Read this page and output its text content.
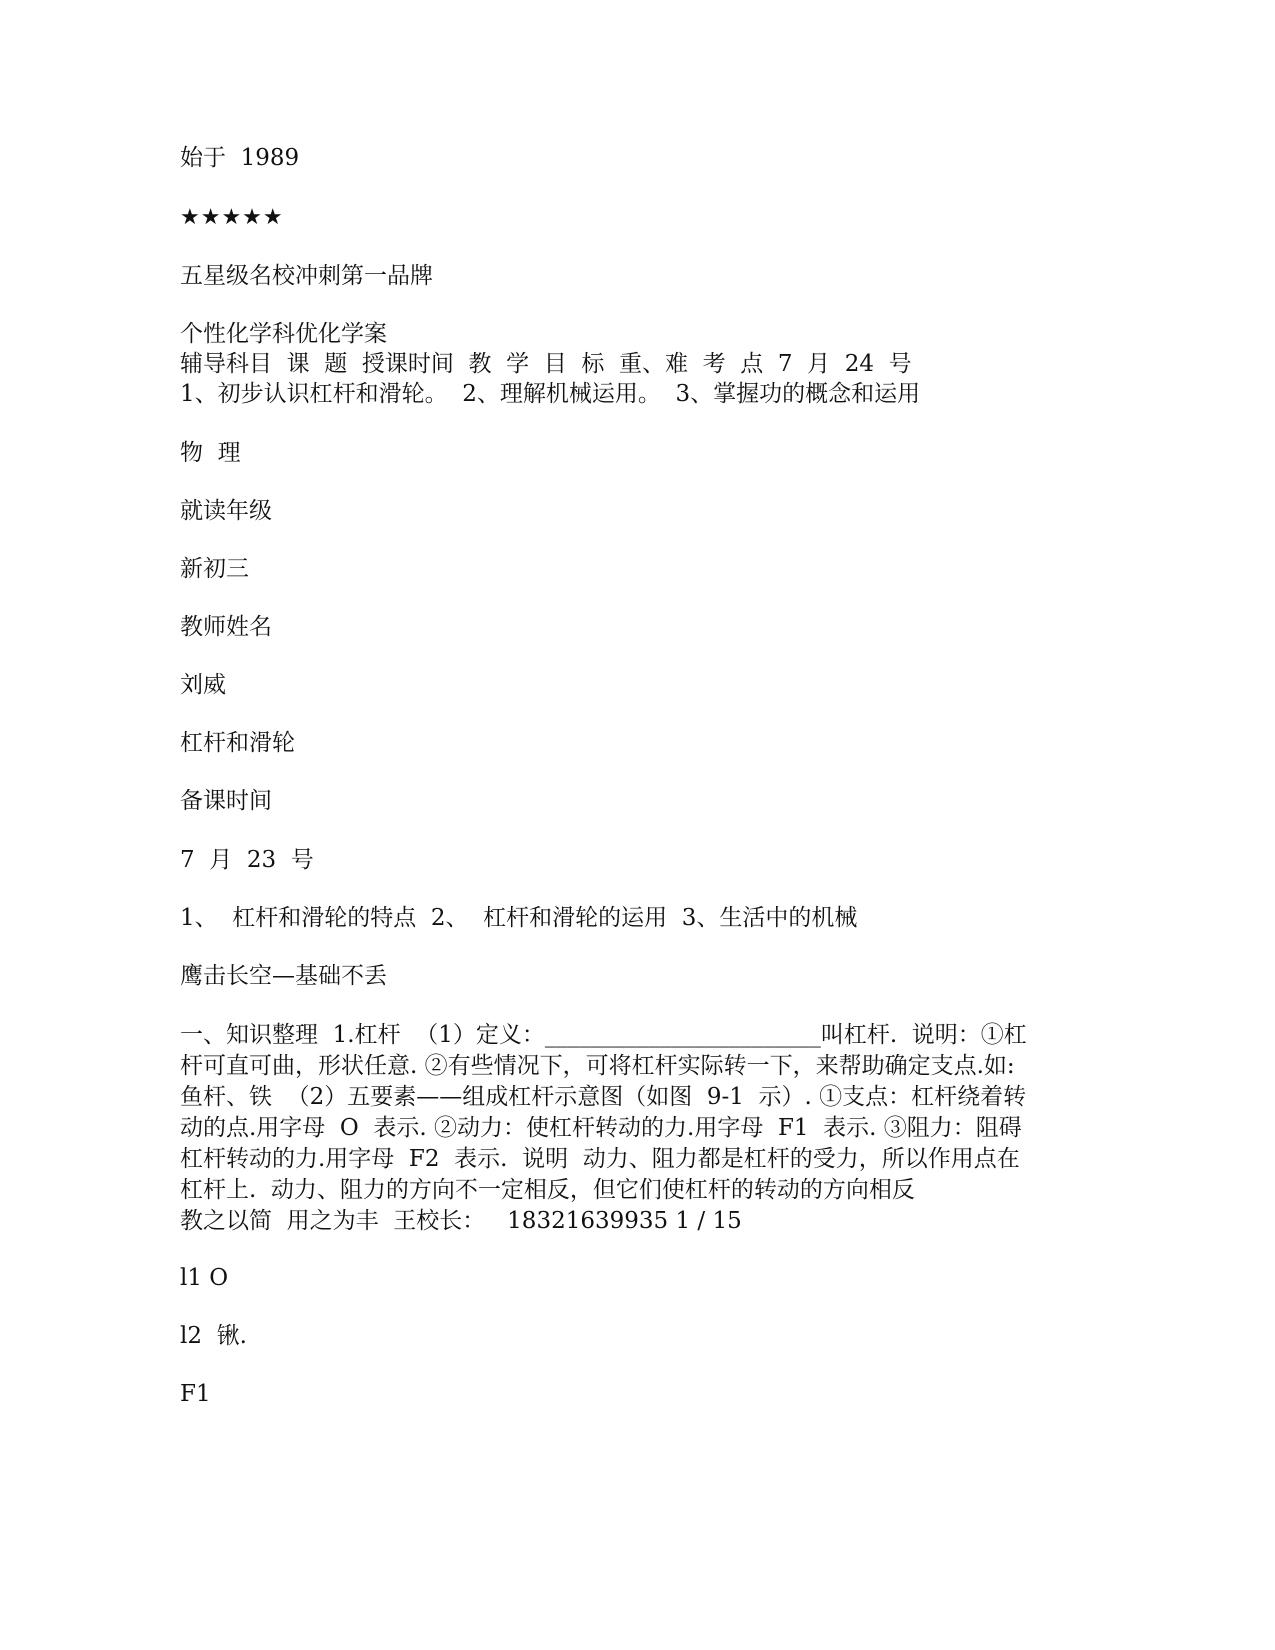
始于  1989

★★★★★

五星级名校冲刺第一品牌

个性化学科优化学案

辅导科目  课  题  授课时间  教  学  目  标  重、难  考  点  7  月  24  号

1、初步认识杠杆和滑轮。  2、理解机械运用。  3、掌握功的概念和运用

物  理

就读年级

新初三

教师姓名

刘威

杠杆和滑轮

备课时间

7  月  23  号

1、  杠杆和滑轮的特点  2、  杠杆和滑轮的运用  3、生活中的机械

鹰击长空—基础不丢

一、知识整理  1.杠杆  （1）定义：________________________叫杠杆.  说明：①杠

杆可直可曲，形状任意. ②有些情况下，可将杠杆实际转一下，来帮助确定支点.如:

鱼杆、铁  （2）五要素——组成杠杆示意图（如图  9-1  示）. ①支点：杠杆绕着转

动的点.用字母  O  表示. ②动力：使杠杆转动的力.用字母  F1  表示. ③阻力：阻碍

杠杆转动的力.用字母  F2  表示.  说明  动力、阻力都是杠杆的受力，所以作用点在

杠杆上.  动力、阻力的方向不一定相反，但它们使杠杆的转动的方向相反

教之以简  用之为丰  王校长：   18321639935 1 / 15

l1 O

l2  锹.

F1
